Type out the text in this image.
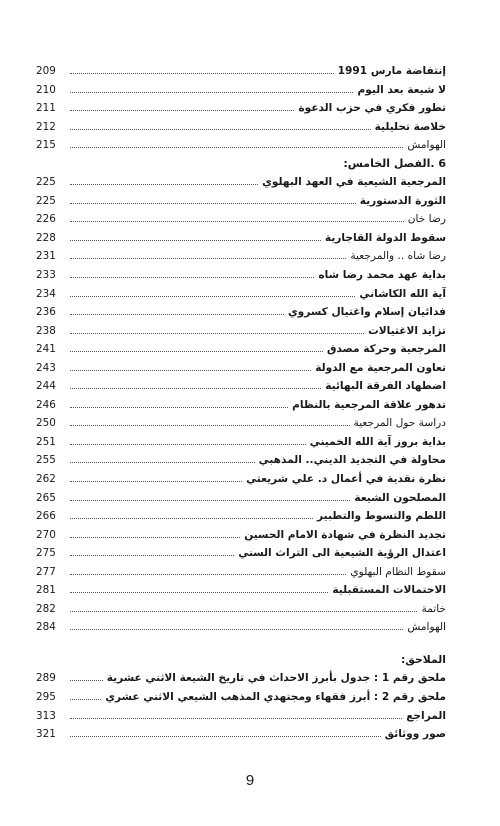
إنتفاضة مارس 1991
209
لا شيعة بعد اليوم
210
تطور فكري في حزب الدعوة
211
خلاصة تحليلية
212
الهوامش
215
6 .الفصل الخامس:
المرجعية الشيعية في العهد البهلوي
225
الثورة الدستورية
225
رضا خان
226
سقوط الدولة القاجارية
228
رضا شاه .. والمرجعية
231
بداية عهد محمد رضا شاه
233
آية الله الكاشاني
234
فدائيان إسلام واغتيال كسروي
236
تزايد الاغتيالات
238
المرجعية وحركة مصدق
241
تعاون المرجعية مع الدولة
243
اضطهاد الفرقة البهائية
244
تدهور علاقة المرجعية بالنظام
246
دراسة حول المرجعية
250
بداية بروز آية الله الخميني
251
محاولة في التجديد الديني.. المذهبي
255
نظرة نقدية في أعمال د. علي شريعتي
262
المصلحون الشيعة
265
اللطم والتسوط والتطبير
266
تجديد النظرة في شهادة الامام الحسين
270
اعتدال الرؤية الشيعية الى التراث السني
275
سقوط النظام البهلوي
277
الاحتمالات المستقبلية
281
خاتمة
282
الهوامش
284
الملاحق:
ملحق رقم 1 : جدول بأبرز الاحداث في تاريخ الشيعة الاثني عشرية
289
ملحق رقم 2 : أبرز فقهاء ومجتهدي المذهب الشيعي الاثني عشري
295
المراجع
313
صور ووثائق
321
9
